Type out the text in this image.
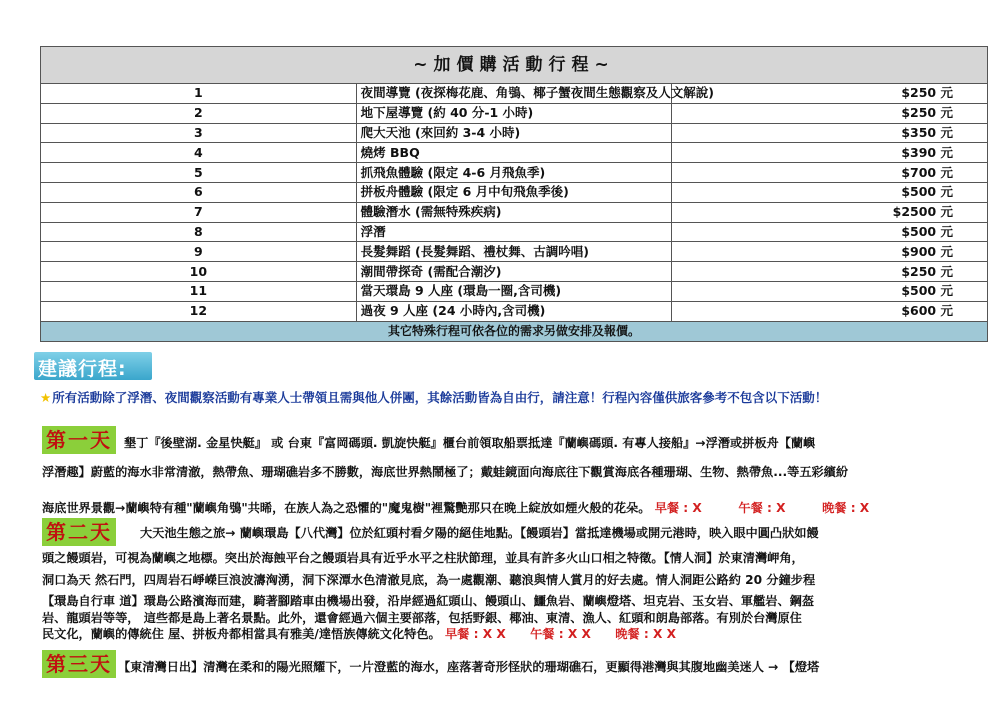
~加價購活動行程~		
1	夜間導覽 (夜探梅花鹿、角鴞、椰子蟹夜間生態觀察及人文解說)	$250 元
2	地下屋導覽 (約 40 分-1 小時)	$250 元
3	爬大天池 (來回約 3-4 小時)	$350 元
4	燒烤 BBQ	$390 元
5	抓飛魚體驗 (限定 4-6 月飛魚季)	$700 元
6	拼板舟體驗 (限定 6 月中旬飛魚季後)	$500 元
7	體驗潛水 (需無特殊疾病)	$2500 元
8	浮潛	$500 元
9	長髮舞蹈 (長髮舞蹈、禮杖舞、古調吟唱)	$900 元
10	潮間帶探奇 (需配合潮汐)	$250 元
11	當天環島 9 人座 (環島一圈,含司機)	$500 元
12	過夜 9 人座 (24 小時內,含司機)	$600 元
其它特殊行程可依各位的需求另做安排及報價。		
建議行程:
★所有活動除了浮潛、夜間觀察活動有專業人士帶領且需與他人併團，其餘活動皆為自由行，請注意！行程內容僅供旅客參考不包含以下活動！
第一天 墾丁『後壁湖. 金星快艇』 或 台東『富岡碼頭. 凱旋快艇』櫃台前領取船票抵達『蘭嶼碼頭. 有專人接船』→浮潛或拼板舟【蘭嶼
浮潛趣】蔚藍的海水非常清澈，熱帶魚、珊瑚礁岩多不勝數，海底世界熱鬧極了；戴蛙鏡面向海底往下觀賞海底各種珊瑚、生物、熱帶魚...等五彩繽紛
海底世界景觀→蘭嶼特有種"蘭嶼角鴞"共晞，在族人為之恐懼的"魔鬼樹"裡驚艷那只在晚上綻放如煙火般的花朵。 早餐 : X　　　午餐 : X　　　晚餐 : X
第二天	大天池生態之旅→ 蘭嶼環島【八代灣】位於紅頭村看夕陽的絕佳地點。【饅頭岩】當抵達機場或開元港時，映入眼中圓凸狀如饅
頭之饅頭岩，可視為蘭嶼之地標。突出於海蝕平台之饅頭岩具有近乎水平之柱狀節理，並具有許多火山口相之特徵。【情人洞】於東清灣岬角，
洞口為天 然石門，四周岩石崢嶸巨浪波濤洶湧，洞下深潭水色清澈見底，為一處觀潮、聽浪與情人賞月的好去處。情人洞距公路約 20 分鐘步程
【環島自行車 道】環島公路濱海而建，騎著腳踏車由機場出發，沿岸經過紅頭山、饅頭山、鱷魚岩、蘭嶼燈塔、坦克岩、玉女岩、軍艦岩、鋼盔
岩、龍頭岩等等， 這些都是島上著名景點。此外，還會經過六個主要部落，包括野銀、椰油、東清、漁人、紅頭和朗島部落。有別於台灣原住
民文化，蘭嶼的傳統住 屋、拼板舟都相當具有雅美/達悟族傳統文化特色。 早餐 : X X　　午餐 : X X　　晚餐 : X X
第三天 【東清灣日出】清灣在柔和的陽光照耀下，一片澄藍的海水，座落著奇形怪狀的珊瑚礁石，更顯得港灣與其腹地幽美迷人 → 【燈塔
